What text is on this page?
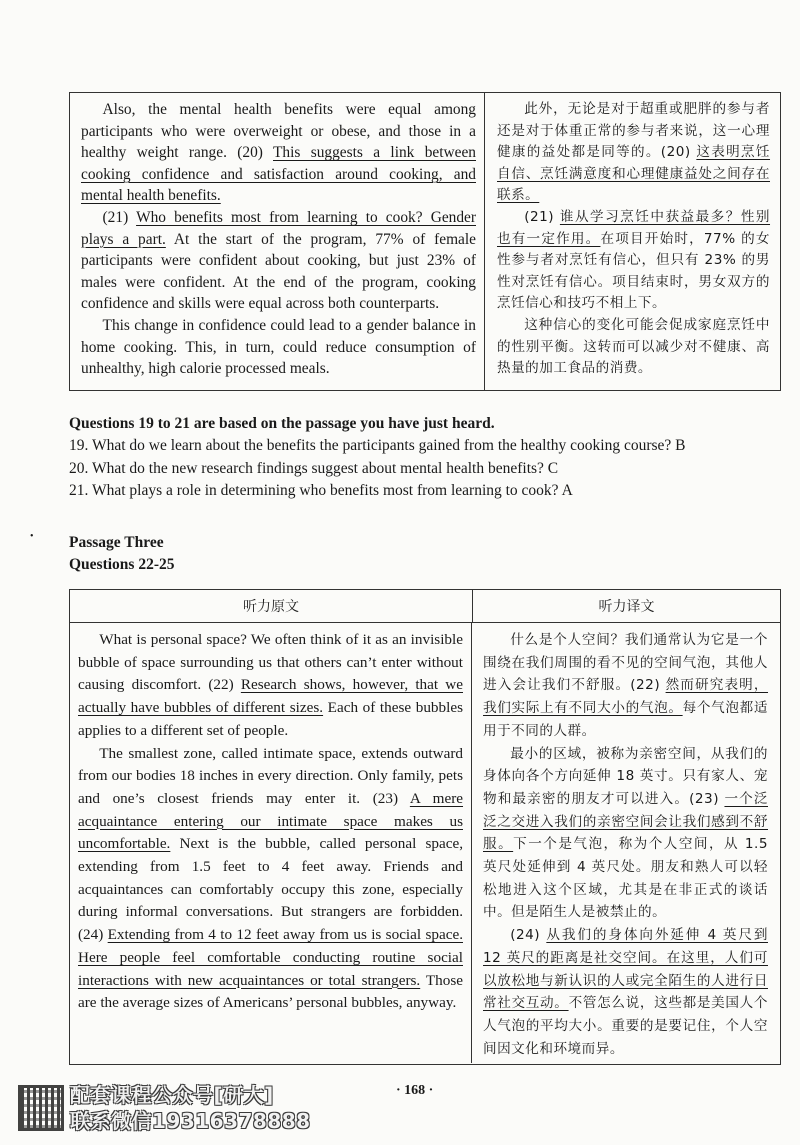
Also, the mental health benefits were equal among participants who were overweight or obese, and those in a healthy weight range. (20) This suggests a link between cooking confidence and satisfaction around cooking, and mental health benefits.

(21) Who benefits most from learning to cook? Gender plays a part. At the start of the program, 77% of female participants were confident about cooking, but just 23% of males were confident. At the end of the program, cooking confidence and skills were equal across both counterparts.

This change in confidence could lead to a gender balance in home cooking. This, in turn, could reduce consumption of unhealthy, high calorie processed meals.

此外，无论是对于超重或肥胖的参与者还是对于体重正常的参与者来说，这一心理健康的益处都是同等的。(20) 这表明烹饪自信、烹饪满意度和心理健康益处之间存在联系。

(21) 谁从学习烹饪中获益最多？性别也有一定作用。在项目开始时，77% 的女性参与者对烹饪有信心，但只有 23% 的男性对烹饪有信心。项目结束时，男女双方的烹饪信心和技巧不相上下。

这种信心的变化可能会促成家庭烹饪中的性别平衡。这转而可以减少对不健康、高热量的加工食品的消费。

Questions 19 to 21 are based on the passage you have just heard.

19. What do we learn about the benefits the participants gained from the healthy cooking course? B

20. What do the new research findings suggest about mental health benefits? C

21. What plays a role in determining who benefits most from learning to cook? A

• Passage Three

Questions 22-25

听力原文	听力译文

What is personal space? We often think of it as an invisible bubble of space surrounding us that others can’t enter without causing discomfort. (22) Research shows, however, that we actually have bubbles of different sizes. Each of these bubbles applies to a different set of people.

The smallest zone, called intimate space, extends outward from our bodies 18 inches in every direction. Only family, pets and one’s closest friends may enter it. (23) A mere acquaintance entering our intimate space makes us uncomfortable. Next is the bubble, called personal space, extending from 1.5 feet to 4 feet away. Friends and acquaintances can comfortably occupy this zone, especially during informal conversations. But strangers are forbidden. (24) Extending from 4 to 12 feet away from us is social space. Here people feel comfortable conducting routine social interactions with new acquaintances or total strangers. Those are the average sizes of Americans’ personal bubbles, anyway.

什么是个人空间？我们通常认为它是一个围绕在我们周围的看不见的空间气泡，其他人进入会让我们不舒服。(22) 然而研究表明，我们实际上有不同大小的气泡。每个气泡都适用于不同的人群。

最小的区域，被称为亲密空间，从我们的身体向各个方向延伸 18 英寸。只有家人、宠物和最亲密的朋友才可以进入。(23) 一个泛泛之交进入我们的亲密空间会让我们感到不舒服。下一个是气泡，称为个人空间，从 1.5 英尺处延伸到 4 英尺处。朋友和熟人可以轻松地进入这个区域，尤其是在非正式的谈话中。但是陌生人是被禁止的。

(24) 从我们的身体向外延伸 4 英尺到 12 英尺的距离是社交空间。在这里，人们可以放松地与新认识的人或完全陌生的人进行日常社交互动。不管怎么说，这些都是美国人个人气泡的平均大小。重要的是要记住，个人空间因文化和环境而异。

· 168 ·
配套课程公众号[研大]
联系微信19316378888
